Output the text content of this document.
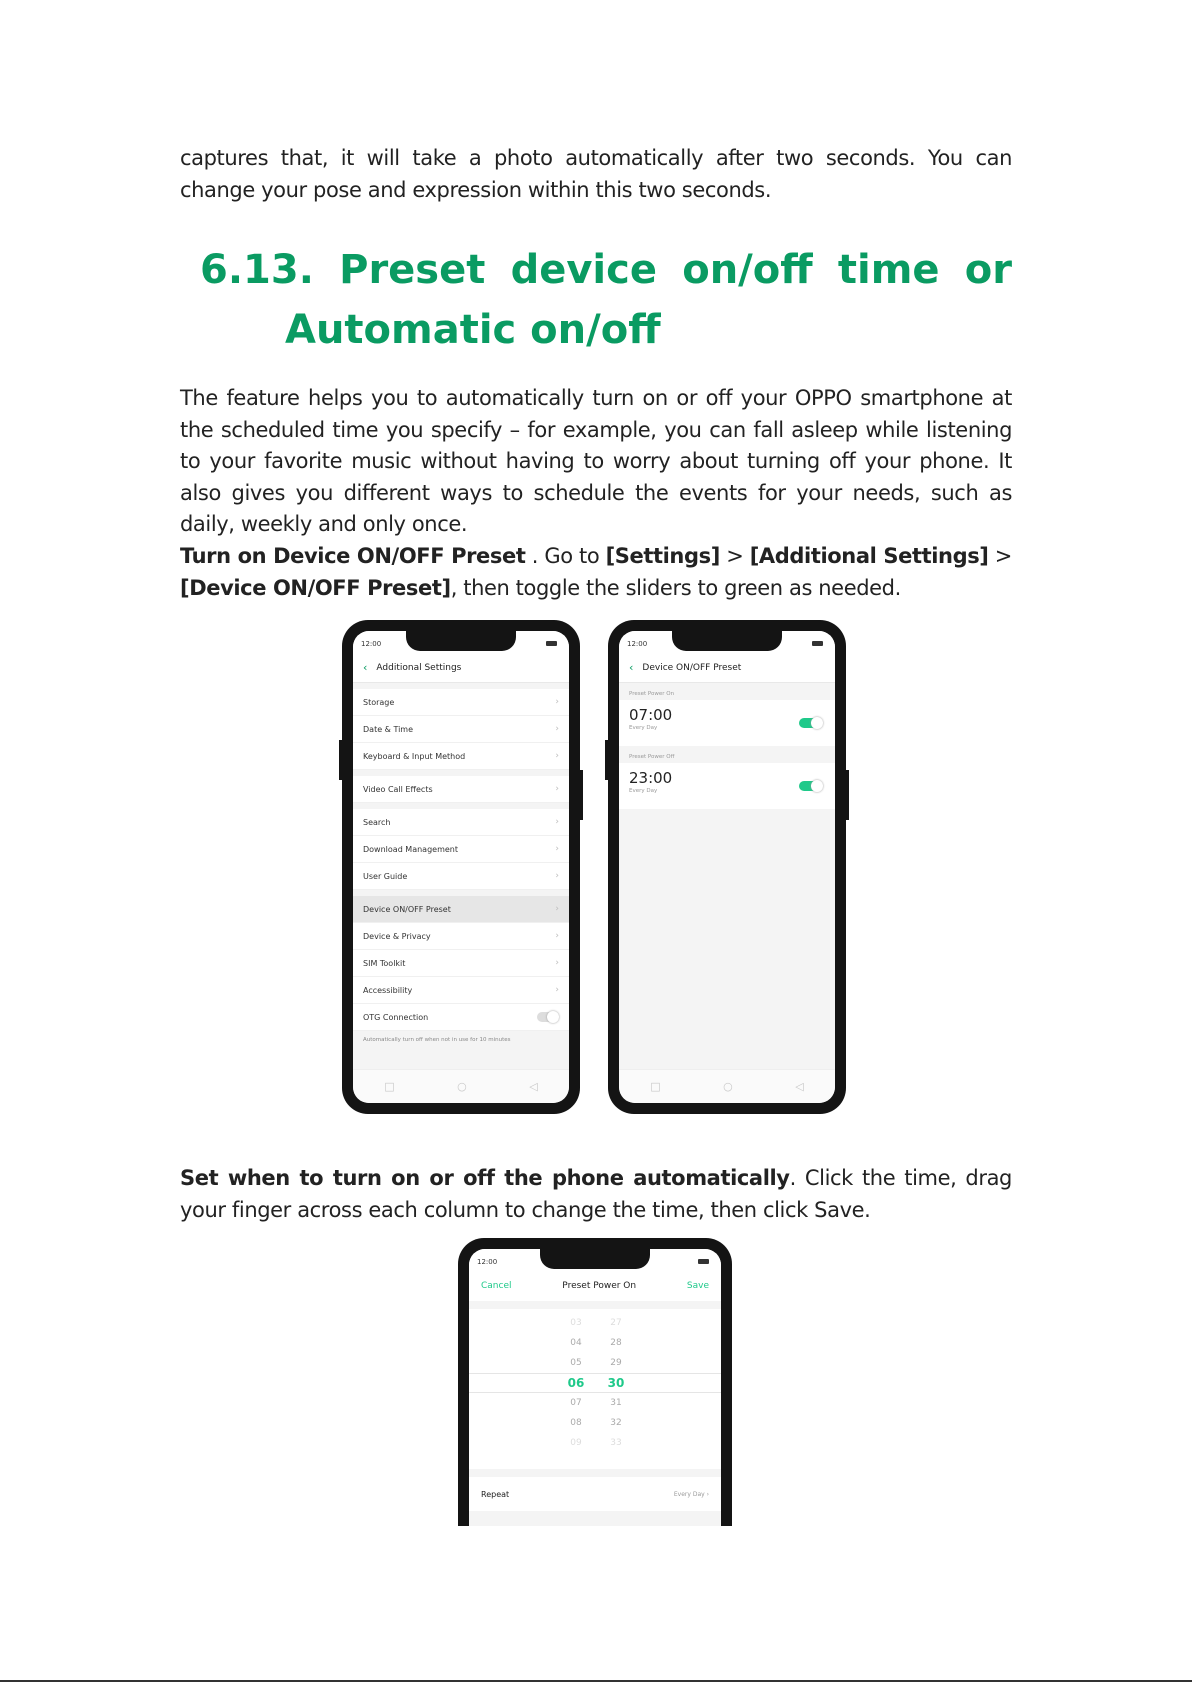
captures that, it will take a photo automatically after two seconds. You can change your pose and expression within this two seconds.

6.13. Preset device on/off time or
Automatic on/off

The feature helps you to automatically turn on or off your OPPO smartphone at the scheduled time you specify – for example, you can fall asleep while listening to your favorite music without having to worry about turning off your phone. It also gives you different ways to schedule the events for your needs, such as daily, weekly and only once.

Turn on Device ON/OFF Preset . Go to [Settings] > [Additional Settings] > [Device ON/OFF Preset], then toggle the sliders to green as needed.

12:00
‹ Additional Settings
Storage	›
Date & Time	›
Keyboard & Input Method	›
Video Call Effects	›
Search	›
Download Management	›
User Guide	›
Device ON/OFF Preset	›
Device & Privacy	›
SIM Toolkit	›
Accessibility	›
OTG Connection
Automatically turn off when not in use for 10 minutes
□	○	◁
12:00
‹ Device ON/OFF Preset
Preset Power On
07:00
Every Day
Preset Power Off
23:00
Every Day
□	○	◁

Set when to turn on or off the phone automatically. Click the time, drag your finger across each column to change the time, then click Save.

12:00
Cancel	Preset Power On	Save
03
04
05
06
07
08
09
27
28
29
30
31
32
33
Repeat	Every Day ›
